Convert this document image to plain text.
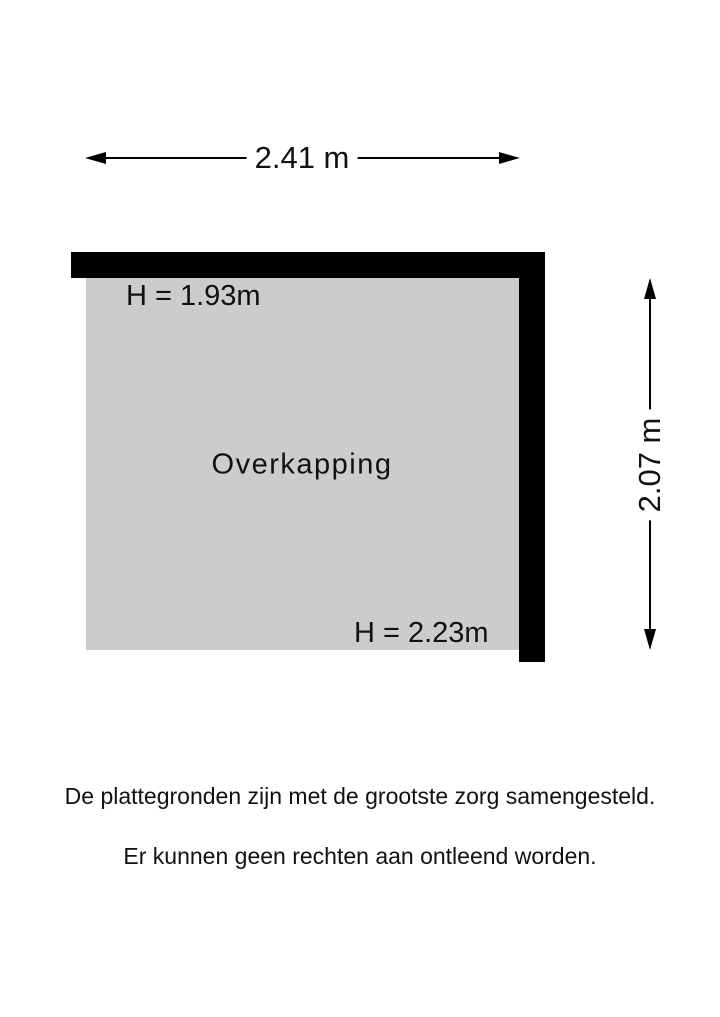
2.41 m
2.07 m
H = 1.93m
H = 2.23m
Overkapping
De plattegronden zijn met de grootste zorg samengesteld.
Er kunnen geen rechten aan ontleend worden.
